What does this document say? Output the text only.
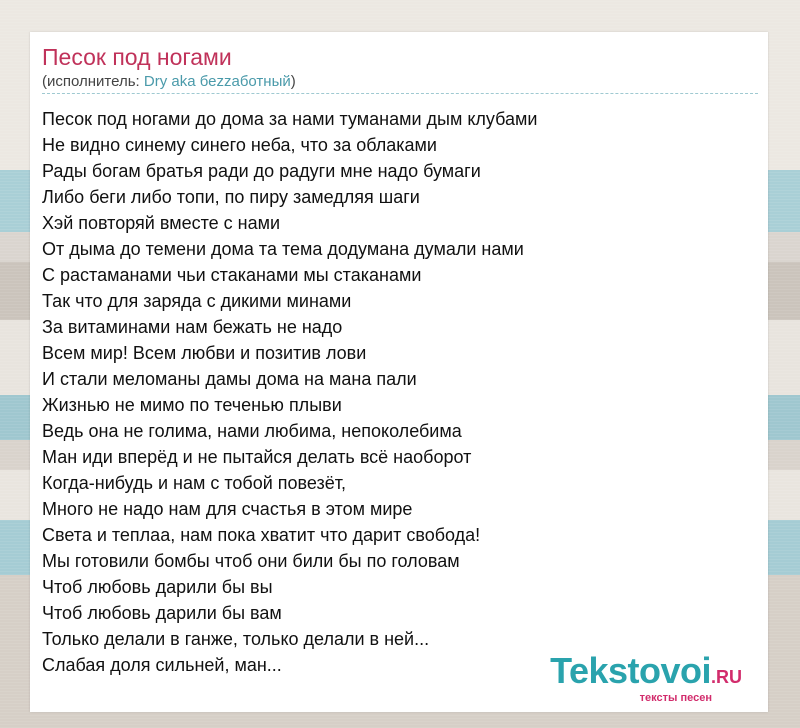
Песок под ногами
(исполнитель: Dry aka беzzаботный)
Песок под ногами до дома за нами туманами дым клубами
Не видно синему синего неба, что за облаками
Рады богам братья ради до радуги мне надо бумаги
Либо беги либо топи, по пиру замедляя шаги
Хэй повторяй вместе с нами
От дыма до темени дома та тема додумана думали нами
С растаманами чьи стаканами мы стаканами
Так что для заряда с дикими минами
За витаминами нам бежать не надо
Всем мир! Всем любви и позитив лови
И стали меломаны дамы дома на мана пали
Жизнью не мимо по теченью плыви
Ведь она не голима, нами любима, непоколебима
Ман иди вперёд и не пытайся делать всё наоборот
Когда-нибудь и нам с тобой повезёт,
Много не надо нам для счастья в этом мире
Света и теплаа, нам пока хватит что дарит свобода!
Мы готовили бомбы чтоб они били бы по головам
Чтоб любовь дарили бы вы
Чтоб любовь дарили бы вам
Только делали в ганже, только делали в ней...
Слабая доля сильней, ман...	Tekstovoi.RU
тексты песен
